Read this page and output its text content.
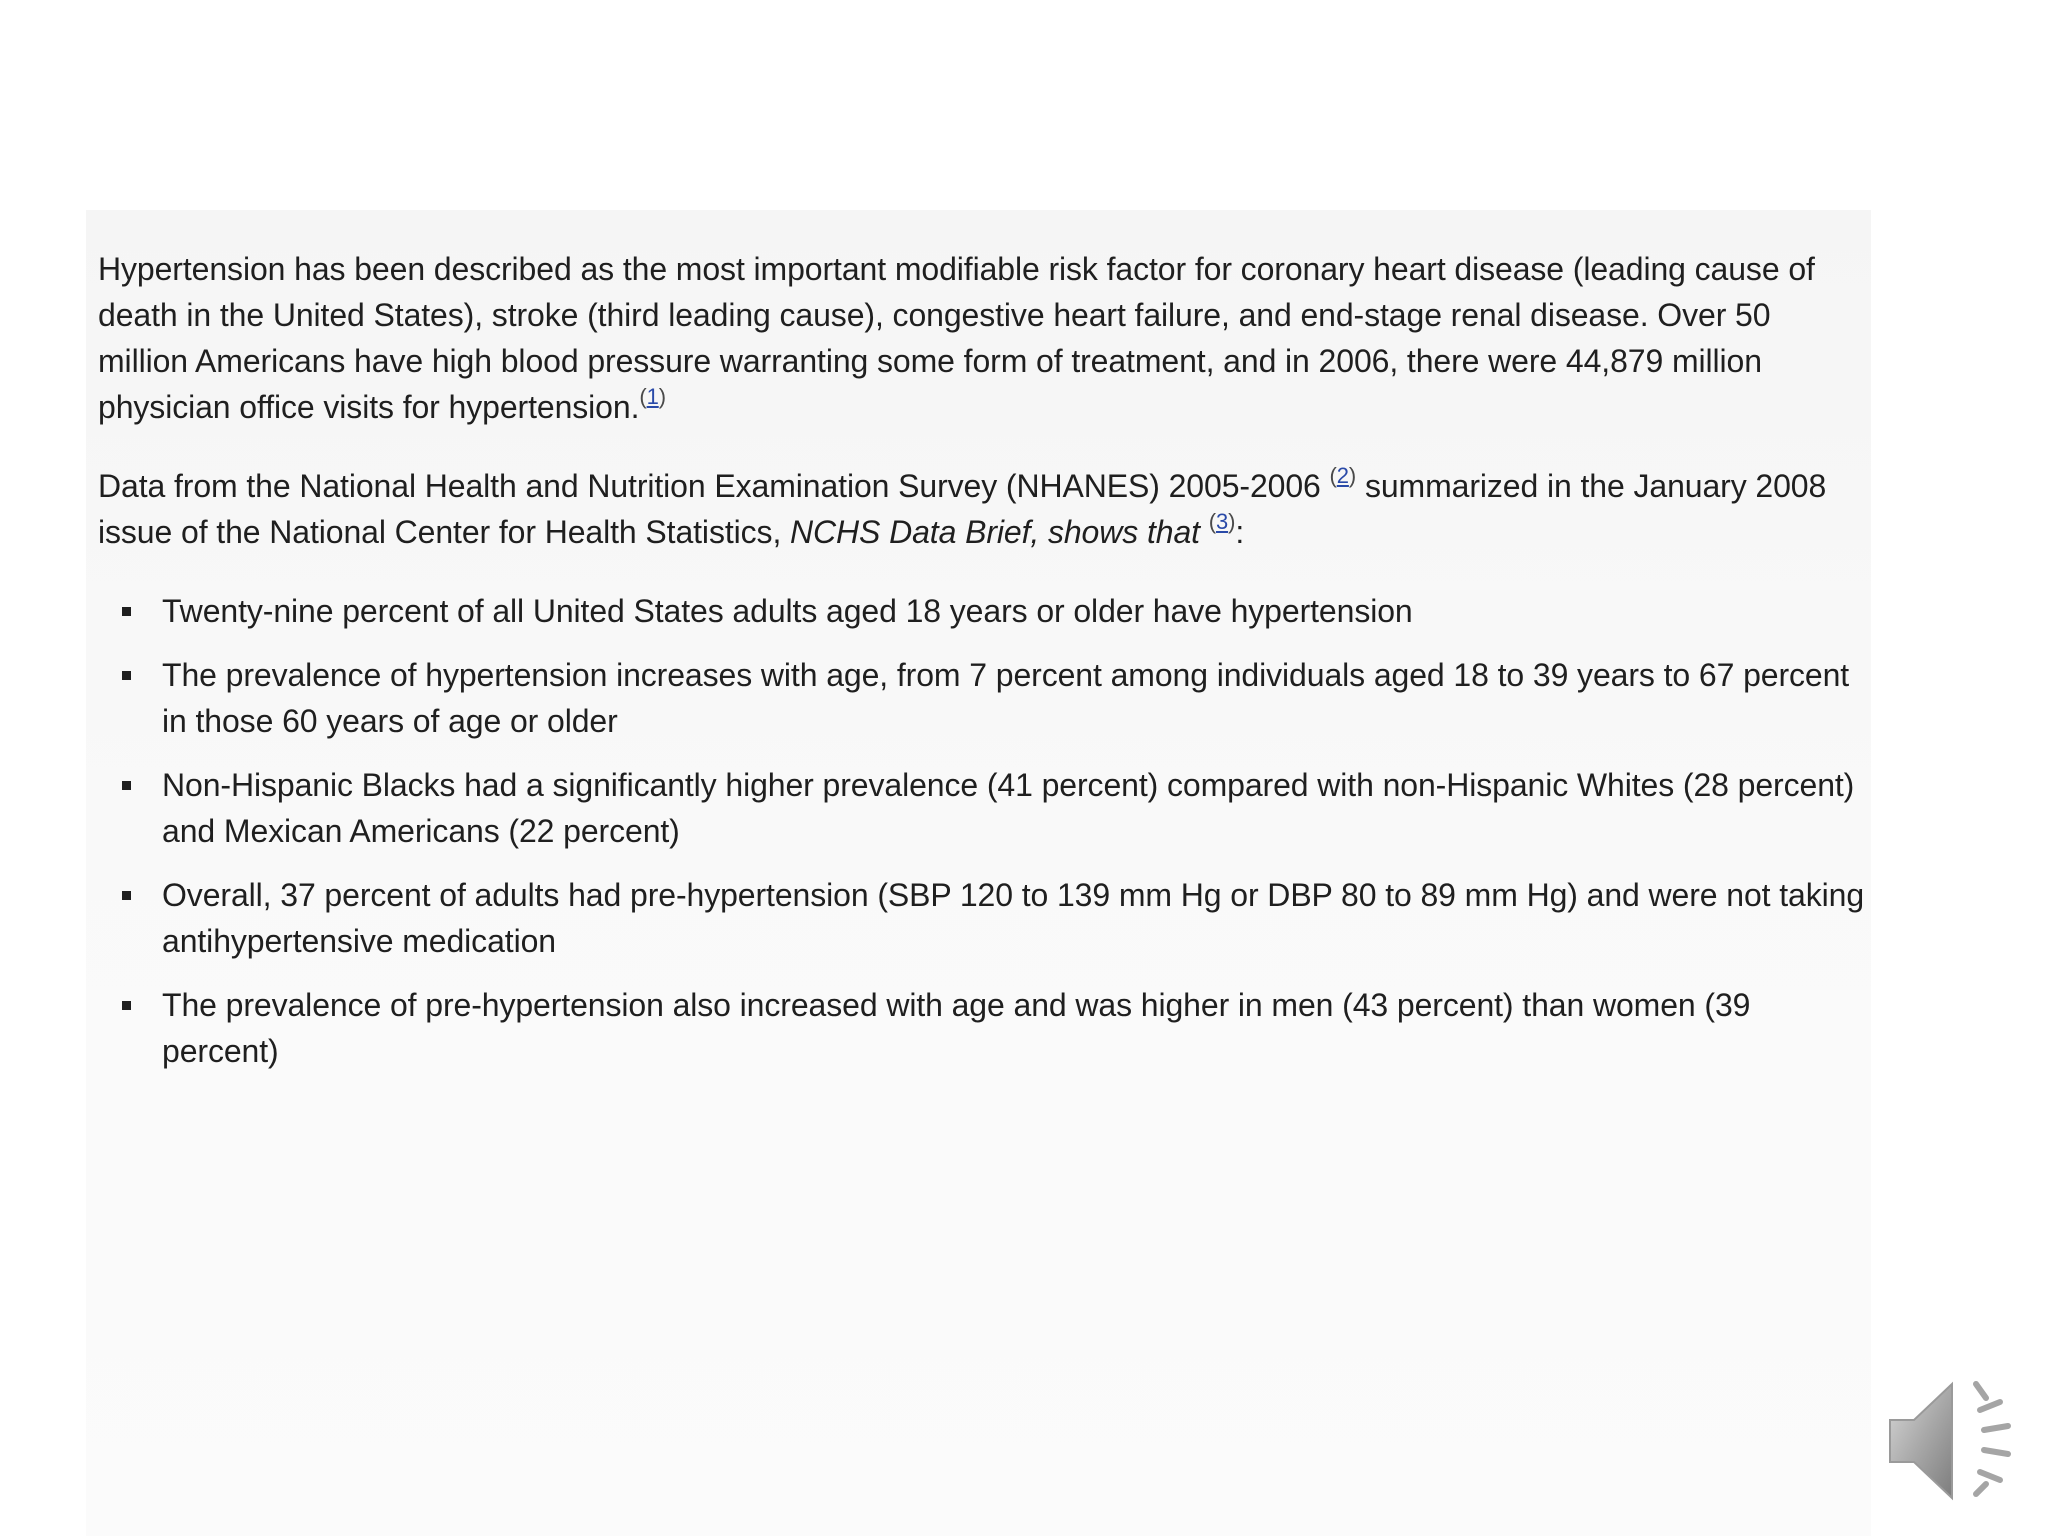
Hypertension has been described as the most important modifiable risk factor for coronary heart disease (leading cause of death in the United States), stroke (third leading cause), congestive heart failure, and end-stage renal disease. Over 50 million Americans have high blood pressure warranting some form of treatment, and in 2006, there were 44,879 million physician office visits for hypertension.$^{(1)}$

Data from the National Health and Nutrition Examination Survey (NHANES) 2005-2006 $^{(2)}$ summarized in the January 2008 issue of the National Center for Health Statistics, NCHS Data Brief, shows that $^{(3)}$:

Twenty-nine percent of all United States adults aged 18 years or older have hypertension
The prevalence of hypertension increases with age, from 7 percent among individuals aged 18 to 39 years to 67 percent in those 60 years of age or older
Non-Hispanic Blacks had a significantly higher prevalence (41 percent) compared with non-Hispanic Whites (28 percent) and Mexican Americans (22 percent)
Overall, 37 percent of adults had pre-hypertension (SBP 120 to 139 mm Hg or DBP 80 to 89 mm Hg) and were not taking antihypertensive medication
The prevalence of pre-hypertension also increased with age and was higher in men (43 percent) than women (39 percent)
